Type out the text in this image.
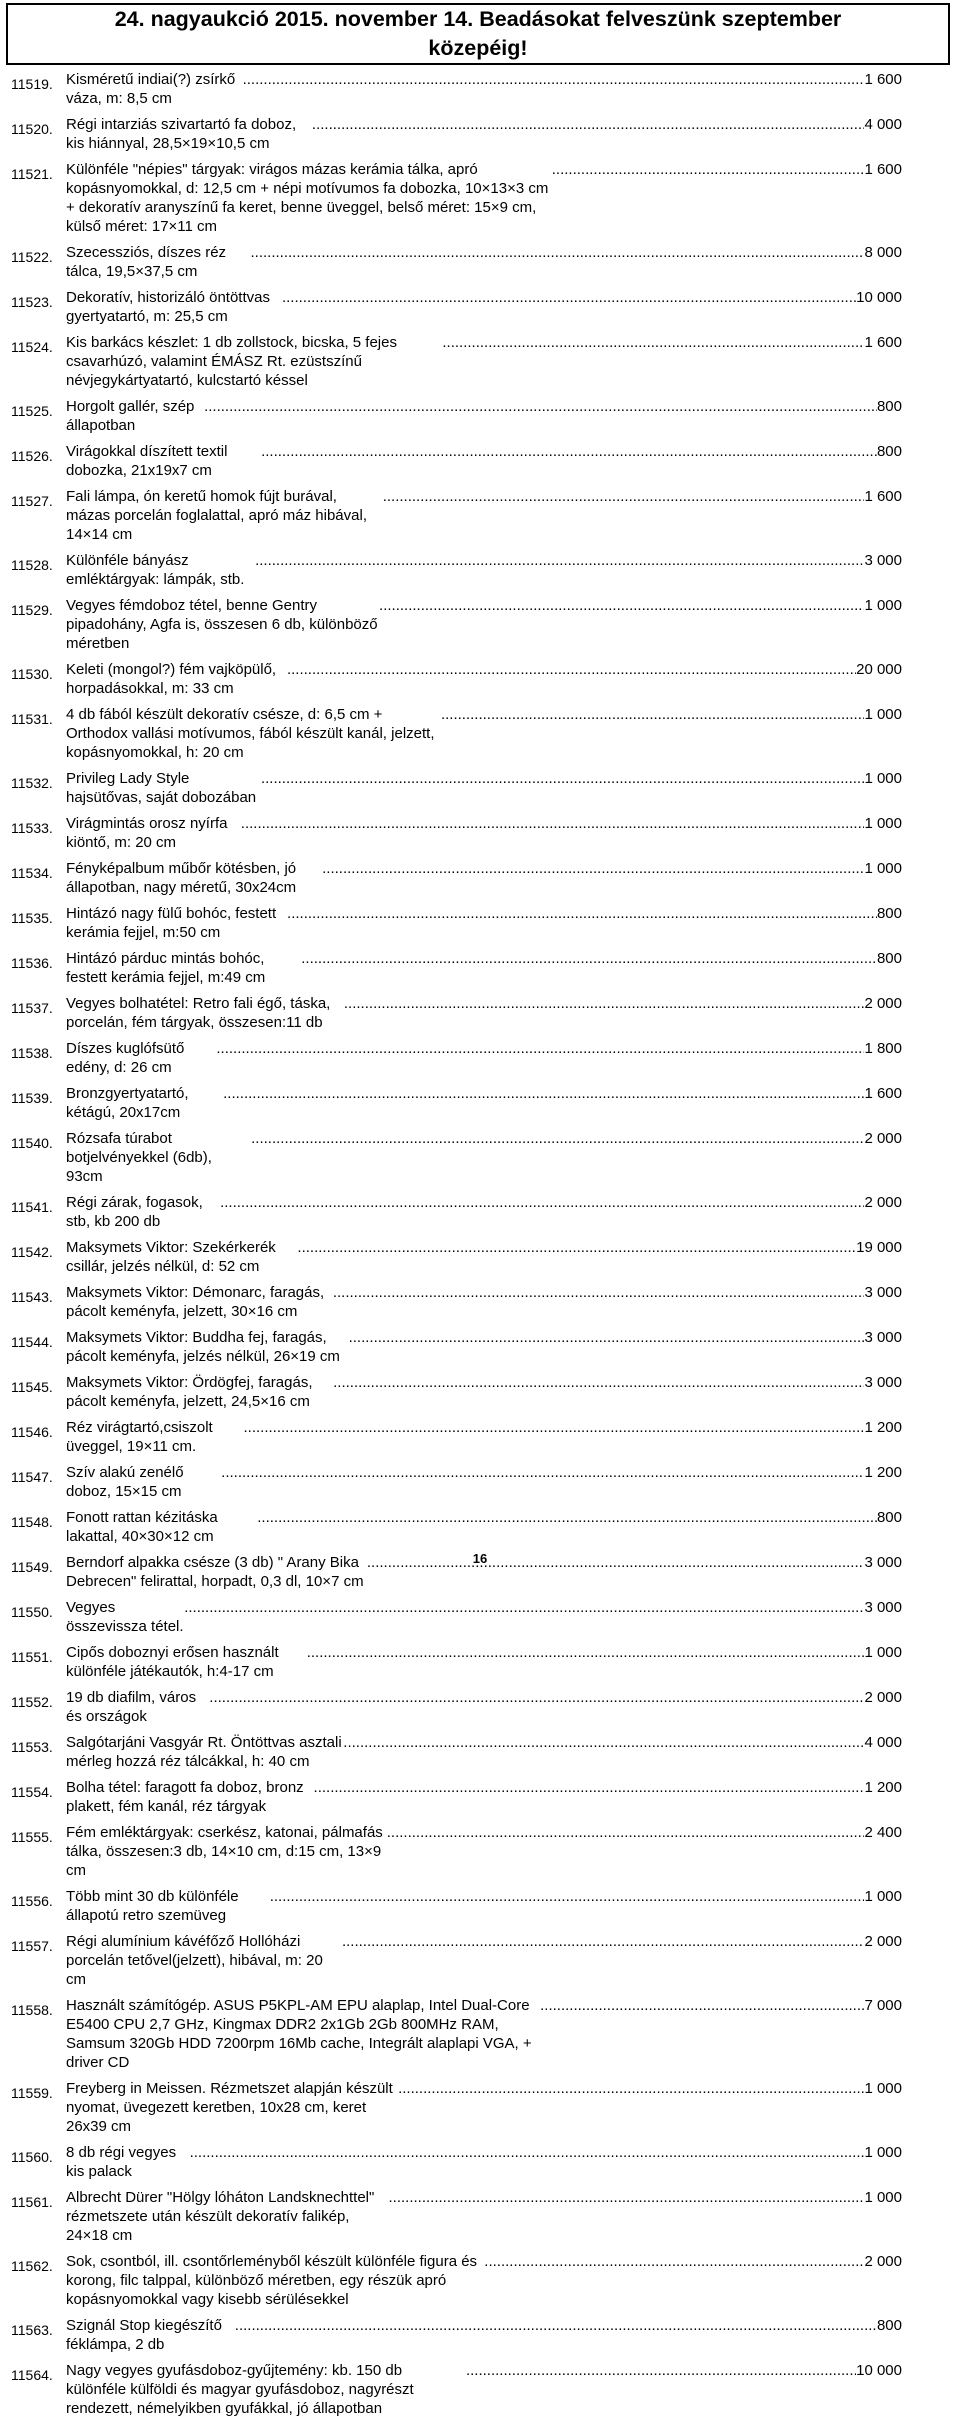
24. nagyaukció 2015. november 14. Beadásokat felveszünk szeptember
közepéig!
11519. Kisméretű indiai(?) zsírkő váza, m: 8,5 cm
.....
1 600
11520. Régi intarziás szivartartó fa doboz, kis hiánnyal, 28,5×19×10,5 cm
.....
4 000
11521. Különféle "népies" tárgyak: virágos mázas kerámia tálka, apró kopásnyomokkal, d: 12,5 cm + népi motívumos fa dobozka, 10×13×3 cm + dekoratív aranyszínű fa keret, benne üveggel, belső méret: 15×9 cm, külső méret: 17×11 cm
.....
1 600
11522. Szecessziós, díszes réz tálca, 19,5×37,5 cm
.....
8 000
11523. Dekoratív, historizáló öntöttvas gyertyatartó, m: 25,5 cm
.....
10 000
11524. Kis barkács készlet: 1 db zollstock, bicska, 5 fejes csavarhúzó, valamint ÉMÁSZ Rt. ezüstszínű névjegykártyatartó, kulcstartó késsel
.....
1 600
11525. Horgolt gallér, szép állapotban
.....
800
11526. Virágokkal díszített textil dobozka, 21x19x7 cm
.....
800
11527. Fali lámpa, ón keretű homok fújt burával, mázas porcelán foglalattal, apró máz hibával, 14×14 cm
.....
1 600
11528. Különféle bányász emléktárgyak: lámpák, stb.
.....
3 000
11529. Vegyes fémdoboz tétel, benne Gentry pipadohány, Agfa is, összesen 6 db, különböző méretben
.....
1 000
11530. Keleti (mongol?) fém vajköpülő, horpadásokkal, m: 33 cm
.....
20 000
11531. 4 db fából készült dekoratív csésze, d: 6,5 cm + Orthodox vallási motívumos, fából készült kanál, jelzett, kopásnyomokkal, h: 20 cm
.....
1 000
11532. Privileg Lady Style hajsütővas, saját dobozában
.....
1 000
11533. Virágmintás orosz nyírfa kiöntő, m: 20 cm
.....
1 000
11534. Fényképalbum műbőr kötésben, jó állapotban, nagy méretű, 30x24cm
.....
1 000
11535. Hintázó nagy fülű bohóc, festett kerámia fejjel, m:50 cm
.....
800
11536. Hintázó párduc mintás bohóc, festett kerámia fejjel, m:49 cm
.....
800
11537. Vegyes bolhatétel: Retro fali égő, táska, porcelán, fém tárgyak, összesen:11 db
.....
2 000
11538. Díszes kuglófsütő edény, d: 26 cm
.....
1 800
11539. Bronzgyertyatartó, kétágú, 20x17cm
.....
1 600
11540. Rózsafa túrabot botjelvényekkel (6db), 93cm
.....
2 000
11541. Régi zárak, fogasok, stb, kb 200 db
.....
2 000
11542. Maksymets Viktor: Szekérkerék csillár, jelzés nélkül, d: 52 cm
.....
19 000
11543. Maksymets Viktor: Démonarc, faragás, pácolt keményfa, jelzett, 30×16 cm
.....
3 000
11544. Maksymets Viktor: Buddha fej, faragás, pácolt keményfa, jelzés nélkül, 26×19 cm
.....
3 000
11545. Maksymets Viktor: Ördögfej, faragás, pácolt keményfa, jelzett, 24,5×16 cm
.....
3 000
11546. Réz virágtartó,csiszolt üveggel, 19×11 cm.
.....
1 200
11547. Szív alakú zenélő doboz, 15×15 cm
.....
1 200
11548. Fonott rattan kézitáska lakattal, 40×30×12 cm
.....
800
11549. Berndorf alpakka csésze (3 db) " Arany Bika Debrecen" felirattal, horpadt, 0,3 dl, 10×7 cm
.....
3 000
11550. Vegyes összevissza tétel.
.....
3 000
11551. Cipős doboznyi erősen használt különféle játékautók, h:4-17 cm
.....
1 000
11552. 19 db diafilm, város és országok
.....
2 000
11553. Salgótarjáni Vasgyár Rt. Öntöttvas asztali mérleg hozzá réz tálcákkal, h: 40 cm
.....
4 000
11554. Bolha tétel: faragott fa doboz, bronz plakett, fém kanál, réz tárgyak
.....
1 200
11555. Fém emléktárgyak: cserkész, katonai, pálmafás tálka, összesen:3 db, 14×10 cm, d:15 cm, 13×9 cm
.....
2 400
11556. Több mint 30 db különféle állapotú retro szemüveg
.....
1 000
11557. Régi alumínium kávéfőző Hollóházi porcelán tetővel(jelzett), hibával, m: 20 cm
.....
2 000
11558. Használt számítógép. ASUS P5KPL-AM EPU alaplap, Intel Dual-Core E5400 CPU 2,7 GHz, Kingmax DDR2 2x1Gb 2Gb 800MHz RAM, Samsum 320Gb HDD 7200rpm 16Mb cache, Integrált alaplapi VGA, + driver CD
.....
7 000
11559. Freyberg in Meissen. Rézmetszet alapján készült nyomat, üvegezett keretben, 10x28 cm, keret 26x39 cm
.....
1 000
11560. 8 db régi vegyes kis palack
.....
1 000
11561. Albrecht Dürer "Hölgy lóháton Landsknechttel" rézmetszete után készült dekoratív falikép, 24×18 cm
.....
1 000
11562. Sok, csontból, ill. csontőrleményből készült különféle figura és korong, filc talppal, különböző méretben, egy részük apró kopásnyomokkal vagy kisebb sérülésekkel
.....
2 000
11563. Szignál Stop kiegészítő féklámpa, 2 db
.....
800
11564. Nagy vegyes gyufásdoboz-gyűjtemény: kb. 150 db különféle külföldi és magyar gyufásdoboz, nagyrészt rendezett, némelyikben gyufákkal, jó állapotban
.....
10 000
16
